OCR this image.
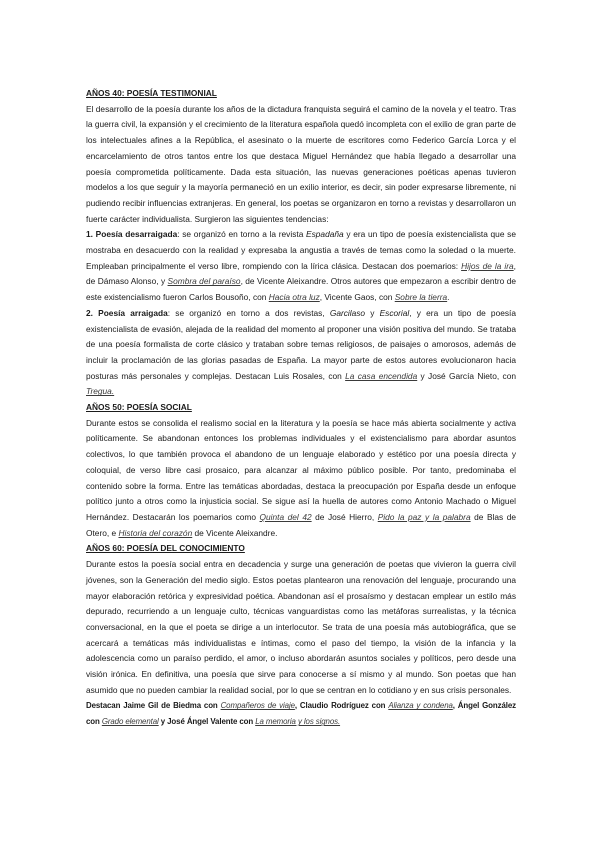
AÑOS 40: POESÍA TESTIMONIAL

El desarrollo de la poesía durante los años de la dictadura franquista seguirá el camino de la novela y el teatro. Tras la guerra civil, la expansión y el crecimiento de la literatura española quedó incompleta con el exilio de gran parte de los intelectuales afines a la República, el asesinato o la muerte de escritores como Federico García Lorca y el encarcelamiento de otros tantos entre los que destaca Miguel Hernández que había llegado a desarrollar una poesía comprometida políticamente. Dada esta situación, las nuevas generaciones poéticas apenas tuvieron modelos a los que seguir y la mayoría permaneció en un exilio interior, es decir, sin poder expresarse libremente, ni pudiendo recibir influencias extranjeras. En general, los poetas se organizaron en torno a revistas y desarrollaron un fuerte carácter individualista. Surgieron las siguientes tendencias:

1. Poesía desarraigada: se organizó en torno a la revista Espadaña y era un tipo de poesía existencialista que se mostraba en desacuerdo con la realidad y expresaba la angustia a través de temas como la soledad o la muerte. Empleaban principalmente el verso libre, rompiendo con la lírica clásica. Destacan dos poemarios: Hijos de la ira, de Dámaso Alonso, y Sombra del paraíso, de Vicente Aleixandre. Otros autores que empezaron a escribir dentro de este existencialismo fueron Carlos Bousoño, con Hacia otra luz, Vicente Gaos, con Sobre la tierra.

2. Poesía arraigada: se organizó en torno a dos revistas, Garcilaso y Escorial, y era un tipo de poesía existencialista de evasión, alejada de la realidad del momento al proponer una visión positiva del mundo. Se trataba de una poesía formalista de corte clásico y trataban sobre temas religiosos, de paisajes o amorosos, además de incluir la proclamación de las glorias pasadas de España. La mayor parte de estos autores evolucionaron hacia posturas más personales y complejas. Destacan Luis Rosales, con La casa encendida y José García Nieto, con Tregua.

AÑOS 50: POESÍA SOCIAL

Durante estos se consolida el realismo social en la literatura y la poesía se hace más abierta socialmente y activa políticamente. Se abandonan entonces los problemas individuales y el existencialismo para abordar asuntos colectivos, lo que también provoca el abandono de un lenguaje elaborado y estético por una poesía directa y coloquial, de verso libre casi prosaico, para alcanzar al máximo público posible. Por tanto, predominaba el contenido sobre la forma. Entre las temáticas abordadas, destaca la preocupación por España desde un enfoque político junto a otros como la injusticia social. Se sigue así la huella de autores como Antonio Machado o Miguel Hernández. Destacarán los poemarios como Quinta del 42 de José Hierro, Pido la paz y la palabra de Blas de Otero, e Historia del corazón de Vicente Aleixandre.

AÑOS 60: POESÍA DEL CONOCIMIENTO

Durante estos la poesía social entra en decadencia y surge una generación de poetas que vivieron la guerra civil jóvenes, son la Generación del medio siglo. Estos poetas plantearon una renovación del lenguaje, procurando una mayor elaboración retórica y expresividad poética. Abandonan así el prosaísmo y destacan emplear un estilo más depurado, recurriendo a un lenguaje culto, técnicas vanguardistas como las metáforas surrealistas, y la técnica conversacional, en la que el poeta se dirige a un interlocutor. Se trata de una poesía más autobiográfica, que se acercará a temáticas más individualistas e íntimas, como el paso del tiempo, la visión de la infancia y la adolescencia como un paraíso perdido, el amor, o incluso abordarán asuntos sociales y políticos, pero desde una visión irónica. En definitiva, una poesía que sirve para conocerse a sí mismo y al mundo. Son poetas que han asumido que no pueden cambiar la realidad social, por lo que se centran en lo cotidiano y en sus crisis personales.

Destacan Jaime Gil de Biedma con Compañeros de viaje, Claudio Rodríguez con Alianza y condena, Ángel González con Grado elemental y José Ángel Valente con La memoria y los signos.
